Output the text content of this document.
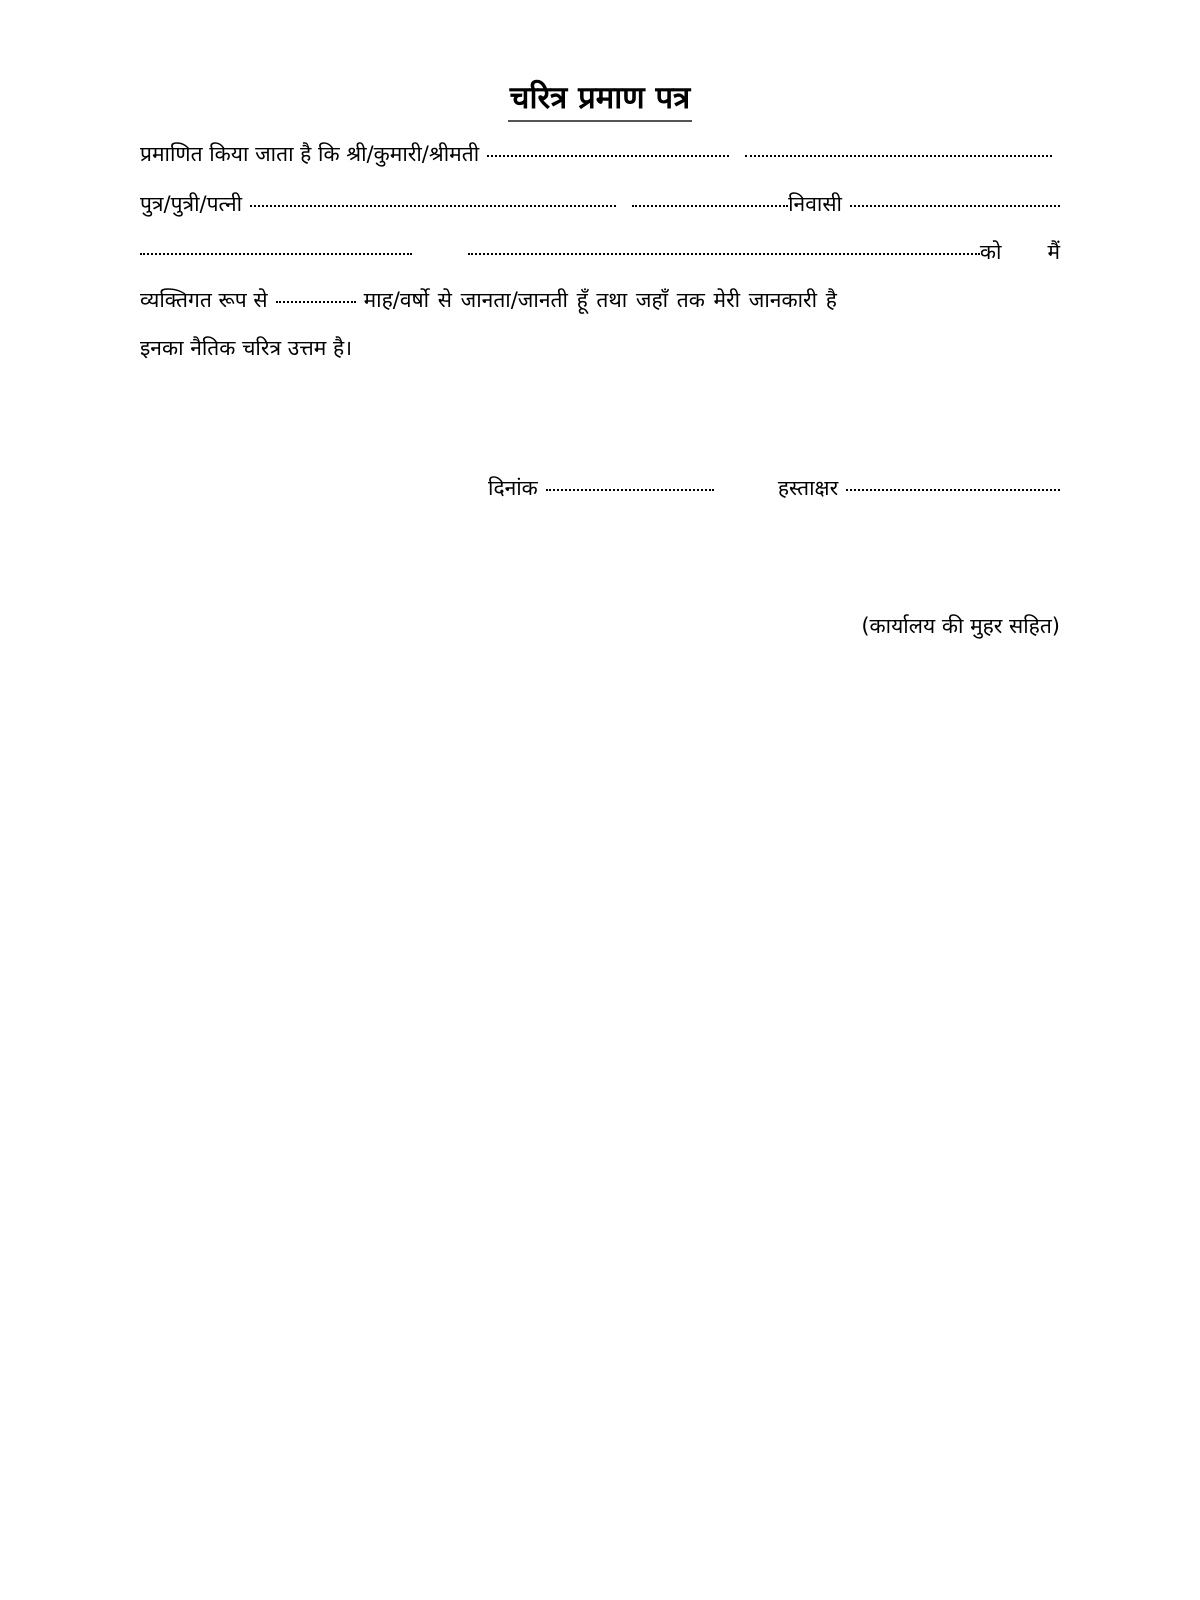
चरित्र प्रमाण पत्र
प्रमाणित किया जाता है कि श्री/कुमारी/श्रीमती
पुत्र/पुत्री/पत्नी	निवासी
को मैं
व्यक्तिगत रूप से	माह/वर्षो से जानता/जानती हूँ तथा जहाँ तक मेरी जानकारी है
इनका नैतिक चरित्र उत्तम है।
दिनांक	हस्ताक्षर
(कार्यालय की मुहर सहित)
